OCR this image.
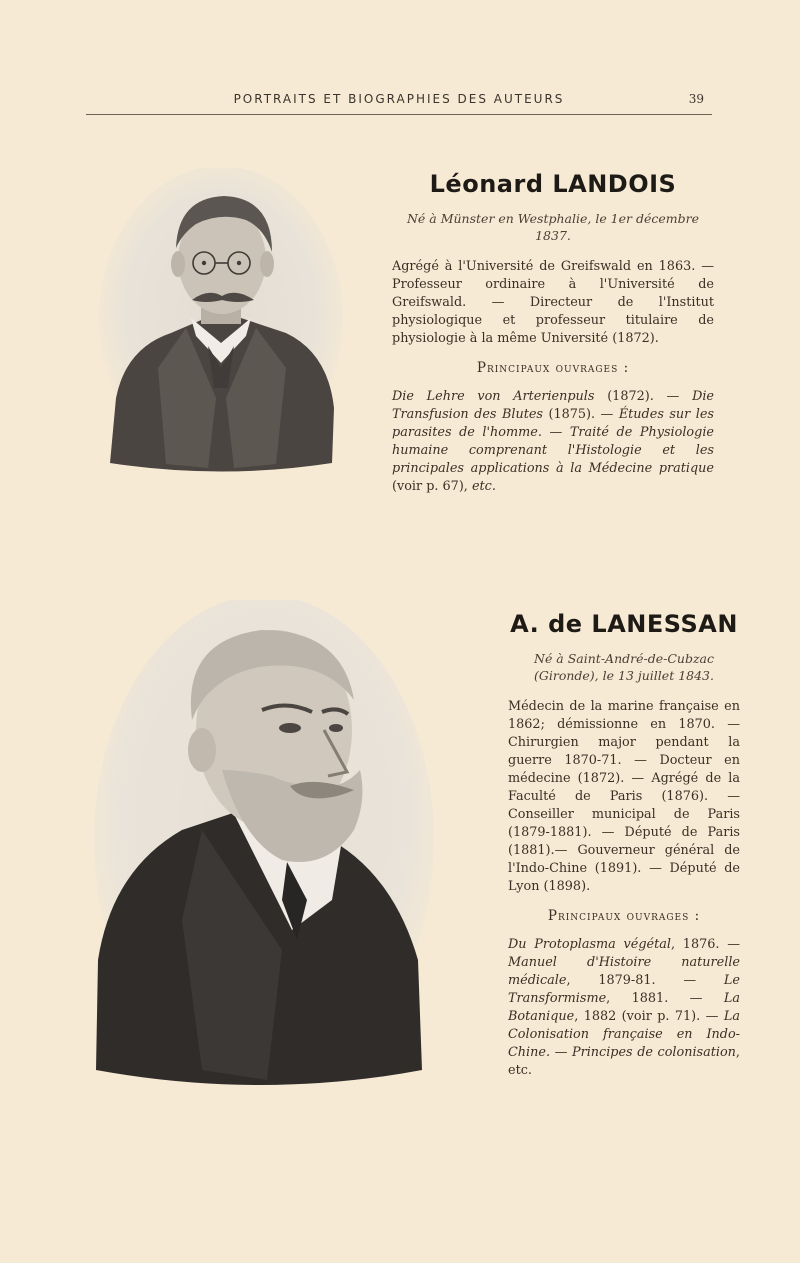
PORTRAITS ET BIOGRAPHIES DES AUTEURS	39
Léonard LANDOIS
Né à Münster en Westphalie, le 1er décembre 1837.
Agrégé à l'Université de Greifswald en 1863. — Professeur ordinaire à l'Université de Greifswald. — Directeur de l'Institut physiologique et professeur titulaire de physiologie à la même Université (1872).
Principaux ouvrages :
Die Lehre von Arterienpuls (1872). — Die Transfusion des Blutes (1875). — Études sur les parasites de l'homme. — Traité de Physiologie humaine comprenant l'Histologie et les principales applications à la Médecine pratique (voir p. 67), etc.
A. de LANESSAN
Né à Saint-André-de-Cubzac (Gironde), le 13 juillet 1843.
Médecin de la marine française en 1862; démissionne en 1870. — Chirurgien major pendant la guerre 1870-71. — Docteur en médecine (1872). — Agrégé de la Faculté de Paris (1876). — Conseiller municipal de Paris (1879-1881). — Député de Paris (1881).— Gouverneur général de l'Indo-Chine (1891). — Député de Lyon (1898).
Principaux ouvrages :
Du Protoplasma végétal, 1876. — Manuel d'Histoire naturelle médicale, 1879-81. — Le Transformisme, 1881. — La Botanique, 1882 (voir p. 71). — La Colonisation française en Indo-Chine. — Principes de colonisation, etc.
